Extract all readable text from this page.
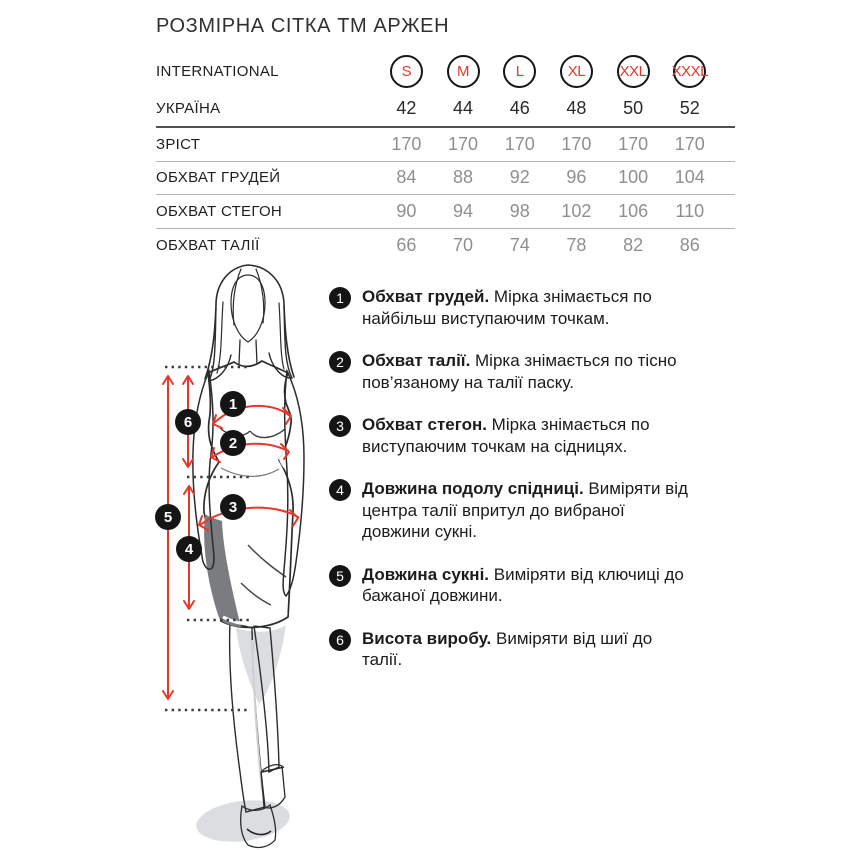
РОЗМІРНА СІТКА ТМ АРЖЕН
INTERNATIONAL	S	M	L	XL XXL XXXL
УКРАЇНА	42	44	46	48	50	52
ЗРІСТ	170	170	170	170	170	170
ОБХВАТ ГРУДЕЙ	84	88	92	96	100	104
ОБХВАТ СТЕГОН	90	94	98	102	106	110
ОБХВАТ ТАЛІЇ	66	70	74	78	82	86
1
2
3
4
5
6
1	Обхват грудей. Мірка знімається по найбільш виступаючим точкам.

2	Обхват талії. Мірка знімається по тісно пов’язаному на талії паску.

3	Обхват стегон. Мірка знімається по виступаючим точкам на сідницях.

4	Довжина подолу спідниці. Виміряти від центра талії впритул до вибраної довжини сукні.

5	Довжина сукні. Виміряти від ключиці до бажаної довжини.

6	Висота виробу. Виміряти від шиї до талії.
